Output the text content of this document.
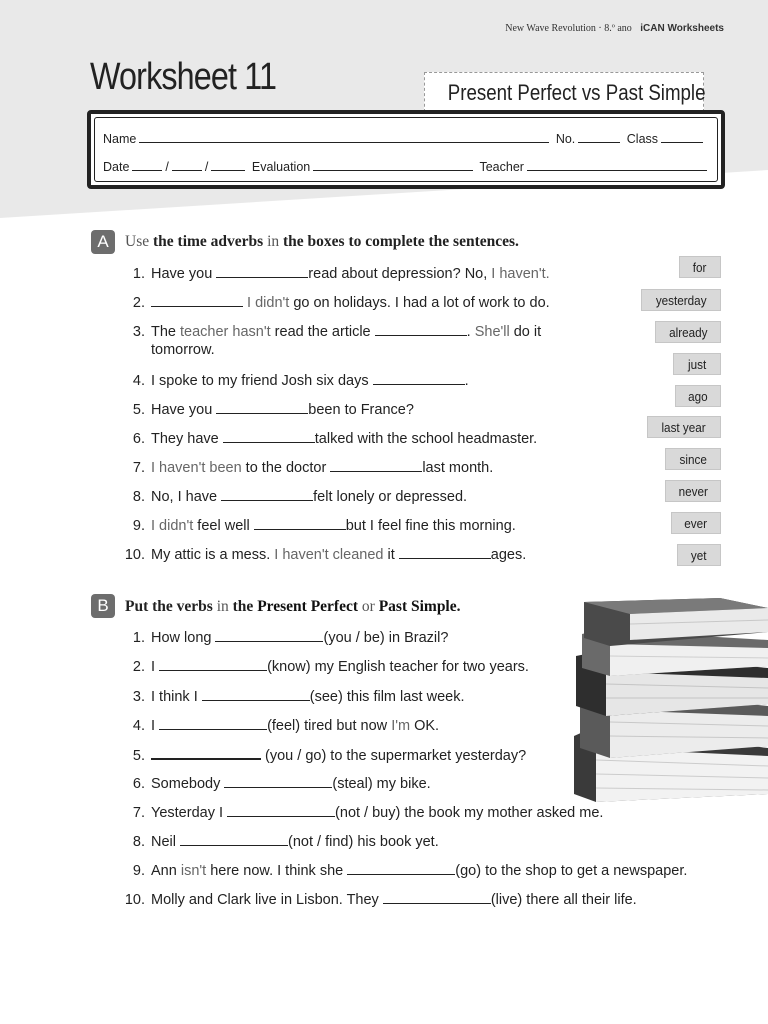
New Wave Revolution · 8.º ano iCAN Worksheets
Worksheet 11	Present Perfect vs Past Simple
Name	No.	Class
Date	/	/	Evaluation	Teacher
A	Use the time adverbs in the boxes to complete the sentences.
1. Have you	read about depression? No, I haven't.
2.	I didn't go on holidays. I had a lot of work to do.
3. The teacher hasn't read the article	. She'll do it
tomorrow.
4. I spoke to my friend Josh six days	.
5. Have you	been to France?
6. They have	talked with the school headmaster.
7. I haven't been to the doctor	last month.
8. No, I have	felt lonely or depressed.
9. I didn't feel well	but I feel fine this morning.
10. My attic is a mess. I haven't cleaned it	ages.
for
yesterday
already
just
ago
last year
since
never
ever
yet
B	Put the verbs in the Present Perfect or Past Simple.
1. How long	(you / be) in Brazil?
2. I	(know) my English teacher for two years.
3. I think I	(see) this film last week.
4. I	(feel) tired but now I'm OK.
5.	(you / go) to the supermarket yesterday?
6. Somebody	(steal) my bike.
7. Yesterday I	(not / buy) the book my mother asked me.
8. Neil	(not / find) his book yet.
9. Ann isn't here now. I think she	(go) to the shop to get a newspaper.
10. Molly and Clark live in Lisbon. They	(live) there all their life.
